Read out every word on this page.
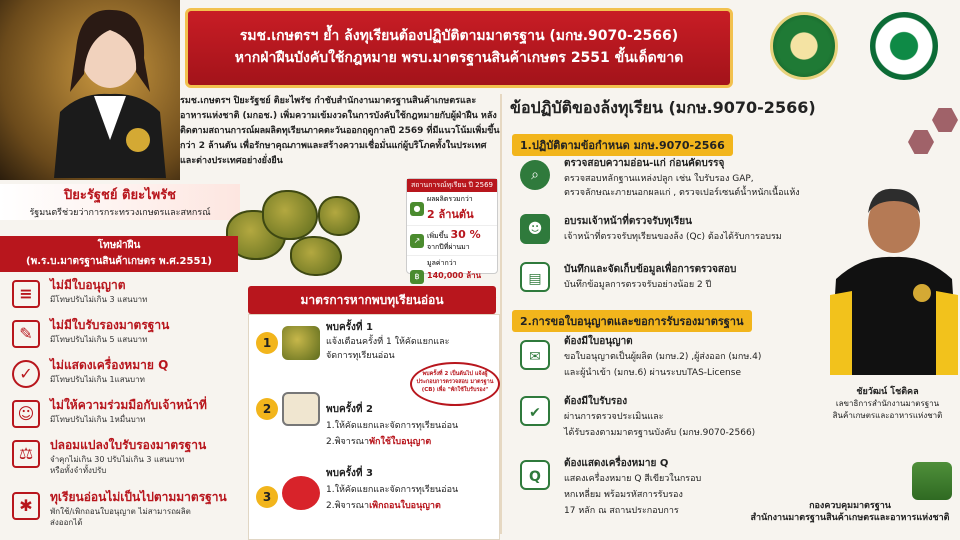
รมช.เกษตรฯ ย้ำ ล้งทุเรียนต้องปฏิบัติตามมาตรฐาน (มกษ.9070-2566)
หากฝ่าฝืนบังคับใช้กฎหมาย พรบ.มาตรฐานสินค้าเกษตร 2551 ขั้นเด็ดขาด
รมช.เกษตรฯ ปิยะรัฐชย์ ติยะไพรัช กำชับสำนักงานมาตรฐานสินค้าเกษตรและอาหารแห่งชาติ (มกอช.) เพิ่มความเข้มงวดในการบังคับใช้กฎหมายกับผู้ฝ่าฝืน หลังติดตามสถานการณ์ผลผลิตทุเรียนภาคตะวันออกฤดูกาลปี 2569 ที่มีแนวโน้มเพิ่มขึ้นกว่า 2 ล้านตัน เพื่อรักษาคุณภาพและสร้างความเชื่อมั่นแก่ผู้บริโภคทั้งในประเทศและต่างประเทศอย่างยั่งยืน
ปิยะรัฐชย์ ติยะไพรัช
รัฐมนตรีช่วยว่าการกระทรวงเกษตรและสหกรณ์
สถานการณ์ทุเรียน ปี 2569
●
ผลผลิตรวมกว่า
2 ล้านตัน
↗ เพิ่มขึ้น 30 %
จากปีที่ผ่านมา
฿
มูลค่ากว่า
140,000 ล้าน
โทษฝ่าฝืน
(พ.ร.บ.มาตรฐานสินค้าเกษตร พ.ศ.2551)
≡	ไม่มีใบอนุญาต
มีโทษปรับไม่เกิน 3 แสนบาท
✎	ไม่มีใบรับรองมาตรฐาน
มีโทษปรับไม่เกิน 5 แสนบาท
✓	ไม่แสดงเครื่องหมาย Q
มีโทษปรับไม่เกิน 1แสนบาท
☺	ไม่ให้ความร่วมมือกับเจ้าหน้าที่
มีโทษปรับไม่เกิน 1หมื่นบาท
⚖	ปลอมแปลงใบรับรองมาตรฐาน
จำคุกไม่เกิน 30 ปรับไม่เกิน 3 แสนบาท
หรือทั้งจำทั้งปรับ
✱	ทุเรียนอ่อนไม่เป็นไปตามมาตรฐาน
พักใช้/เพิกถอนใบอนุญาต ไม่สามารถผลิต
ส่งออกได้
มาตรการหากพบทุเรียนอ่อน
1
พบครั้งที่ 1
แจ้งเตือนครั้งที่ 1 ให้คัดแยกและ
จัดการทุเรียนอ่อน
พบครั้งที่ 2 เป็นต้นไป แจ้งผู้ประกอบการตรวจสอบ มาตรฐาน (CB) เพื่อ "พักใช้ใบรับรอง"
2	พบครั้งที่ 2
1.ให้คัดแยกและจัดการทุเรียนอ่อน
2.พิจารณาพักใช้ใบอนุญาต
3
พบครั้งที่ 3
1.ให้คัดแยกและจัดการทุเรียนอ่อน
2.พิจารณาเพิกถอนใบอนุญาต
ข้อปฏิบัติของล้งทุเรียน (มกษ.9070-2566)
1.ปฏิบัติตามข้อกำหนด มกษ.9070-2566
⌕
ตรวจสอบความอ่อน-แก่ ก่อนคัดบรรจุ
ตรวจสอบหลักฐานแหล่งปลูก เช่น ใบรับรอง GAP,
ตรวจลักษณะภายนอกผลแก่ , ตรวจเปอร์เซนต์น้ำหนักเนื้อแห้ง
☻	อบรมเจ้าหน้าที่ตรวจรับทุเรียน
เจ้าหน้าที่ตรวจรับทุเรียนของล้ง (Qc) ต้องได้รับการอบรม
▤
บันทึกและจัดเก็บข้อมูลเพื่อการตรวจสอบ
บันทึกข้อมูลการตรวจรับอย่างน้อย 2 ปี
2.การขอใบอนุญาตและขอการรับรองมาตรฐาน
✉
ต้องมีใบอนุญาต
ขอใบอนุญาตเป็นผู้ผลิต (มกษ.2) ,ผู้ส่งออก (มกษ.4)
และผู้นำเข้า (มกษ.6) ผ่านระบบTAS-License
✔
ต้องมีใบรับรอง
ผ่านการตรวจประเมินและ
ได้รับรองตามมาตรฐานบังคับ (มกษ.9070-2566)
Q
ต้องแสดงเครื่องหมาย Q
แสดงเครื่องหมาย Q สีเขียวในกรอบ
หกเหลี่ยม พร้อมรหัสการรับรอง
17 หลัก ณ สถานประกอบการ
ชัยวัฒน์ โชติคล
เลขาธิการสำนักงานมาตรฐาน
สินค้าเกษตรและอาหารแห่งชาติ
กองควบคุมมาตรฐาน
สำนักงานมาตรฐานสินค้าเกษตรและอาหารแห่งชาติ
